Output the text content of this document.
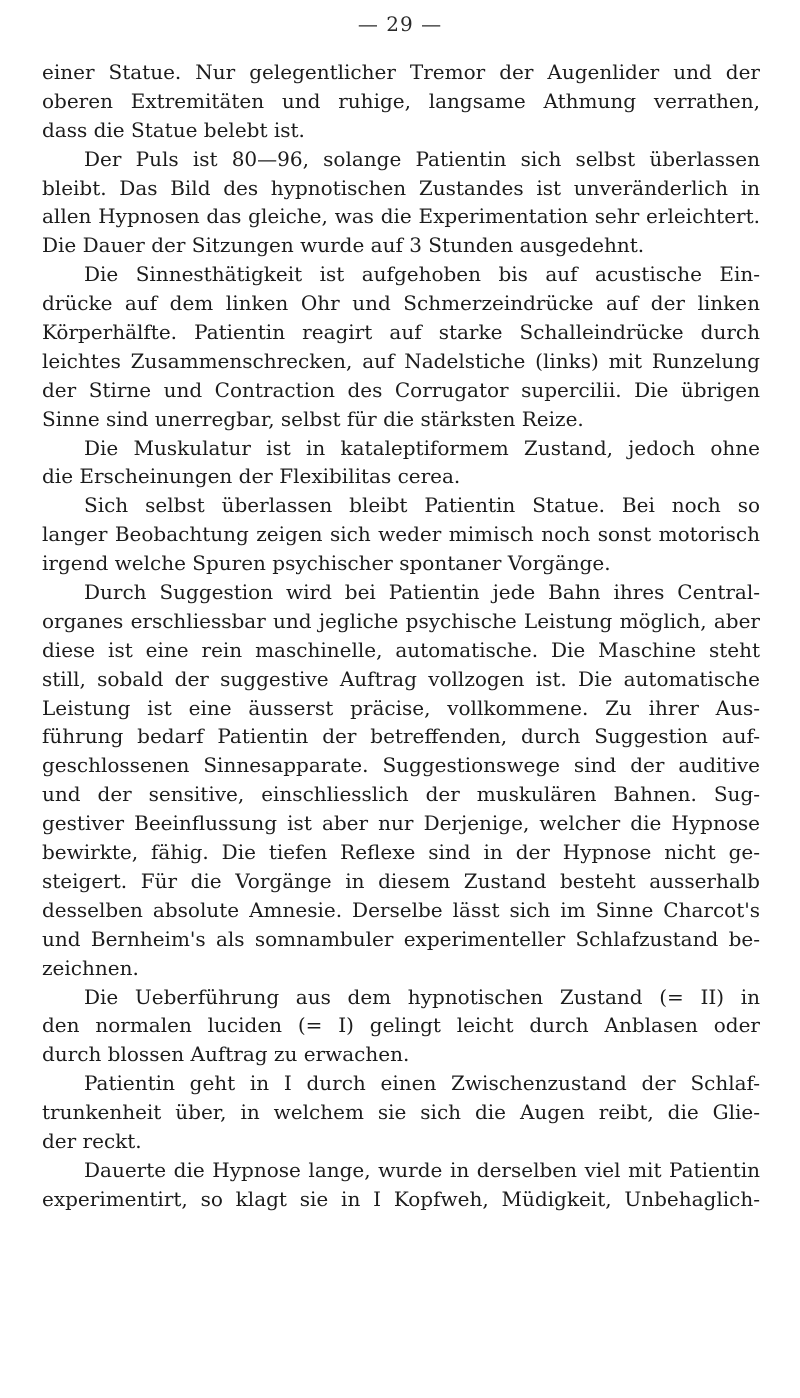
— 29 —
einer Statue. Nur gelegentlicher Tremor der Augenlider und der
oberen Extremitäten und ruhige, langsame Athmung verrathen,
dass die Statue belebt ist.
Der Puls ist 80—96, solange Patientin sich selbst überlassen
bleibt. Das Bild des hypnotischen Zustandes ist unveränderlich in
allen Hypnosen das gleiche, was die Experimentation sehr erleichtert.
Die Dauer der Sitzungen wurde auf 3 Stunden ausgedehnt.
Die Sinnesthätigkeit ist aufgehoben bis auf acustische Ein-
drücke auf dem linken Ohr und Schmerzeindrücke auf der linken
Körperhälfte. Patientin reagirt auf starke Schalleindrücke durch
leichtes Zusammenschrecken, auf Nadelstiche (links) mit Runzelung
der Stirne und Contraction des Corrugator supercilii. Die übrigen
Sinne sind unerregbar, selbst für die stärksten Reize.
Die Muskulatur ist in kataleptiformem Zustand, jedoch ohne
die Erscheinungen der Flexibilitas cerea.
Sich selbst überlassen bleibt Patientin Statue. Bei noch so
langer Beobachtung zeigen sich weder mimisch noch sonst motorisch
irgend welche Spuren psychischer spontaner Vorgänge.
Durch Suggestion wird bei Patientin jede Bahn ihres Central-
organes erschliessbar und jegliche psychische Leistung möglich, aber
diese ist eine rein maschinelle, automatische. Die Maschine steht
still, sobald der suggestive Auftrag vollzogen ist. Die automatische
Leistung ist eine äusserst präcise, vollkommene. Zu ihrer Aus-
führung bedarf Patientin der betreffenden, durch Suggestion auf-
geschlossenen Sinnesapparate. Suggestionswege sind der auditive
und der sensitive, einschliesslich der muskulären Bahnen. Sug-
gestiver Beeinflussung ist aber nur Derjenige, welcher die Hypnose
bewirkte, fähig. Die tiefen Reflexe sind in der Hypnose nicht ge-
steigert. Für die Vorgänge in diesem Zustand besteht ausserhalb
desselben absolute Amnesie. Derselbe lässt sich im Sinne Charcot's
und Bernheim's als somnambuler experimenteller Schlafzustand be-
zeichnen.
Die Ueberführung aus dem hypnotischen Zustand (= II) in
den normalen luciden (= I) gelingt leicht durch Anblasen oder
durch blossen Auftrag zu erwachen.
Patientin geht in I durch einen Zwischenzustand der Schlaf-
trunkenheit über, in welchem sie sich die Augen reibt, die Glie-
der reckt.
Dauerte die Hypnose lange, wurde in derselben viel mit Patientin
experimentirt, so klagt sie in I Kopfweh, Müdigkeit, Unbehaglich-
